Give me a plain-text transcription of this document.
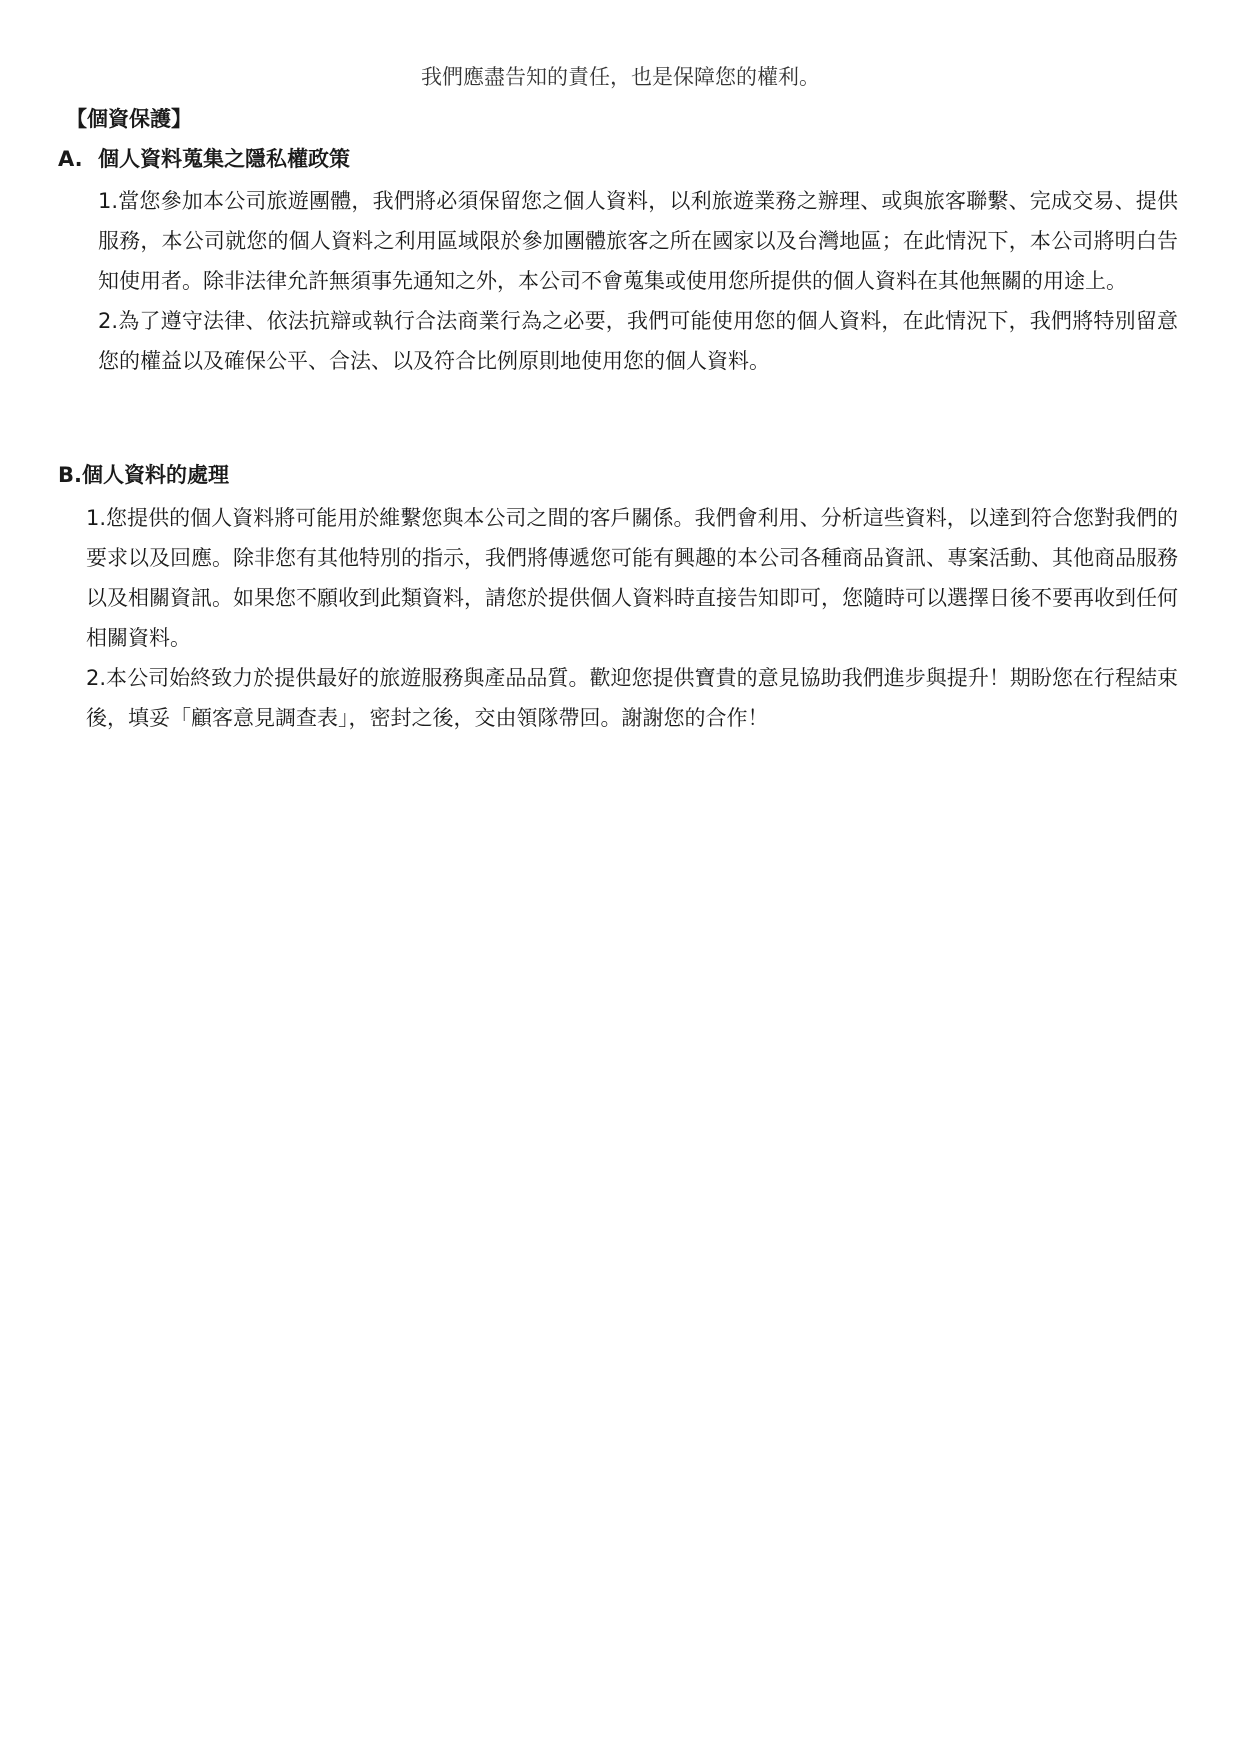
我們應盡告知的責任，也是保障您的權利。
【個資保護】
A. 個人資料蒐集之隱私權政策

1.當您參加本公司旅遊團體，我們將必須保留您之個人資料，以利旅遊業務之辦理、或與旅客聯繫、完成交易、提供服務，本公司就您的個人資料之利用區域限於參加團體旅客之所在國家以及台灣地區；在此情況下，本公司將明白告知使用者。除非法律允許無須事先通知之外，本公司不會蒐集或使用您所提供的個人資料在其他無關的用途上。

2.為了遵守法律、依法抗辯或執行合法商業行為之必要，我們可能使用您的個人資料，在此情況下，我們將特別留意您的權益以及確保公平、合法、以及符合比例原則地使用您的個人資料。

B.個人資料的處理

1.您提供的個人資料將可能用於維繫您與本公司之間的客戶關係。我們會利用、分析這些資料，以達到符合您對我們的要求以及回應。除非您有其他特別的指示，我們將傳遞您可能有興趣的本公司各種商品資訊、專案活動、其他商品服務以及相關資訊。如果您不願收到此類資料，請您於提供個人資料時直接告知即可，您隨時可以選擇日後不要再收到任何相關資料。

2.本公司始終致力於提供最好的旅遊服務與產品品質。歡迎您提供寶貴的意見協助我們進步與提升！期盼您在行程結束後，填妥「顧客意見調查表」，密封之後，交由領隊帶回。謝謝您的合作！
